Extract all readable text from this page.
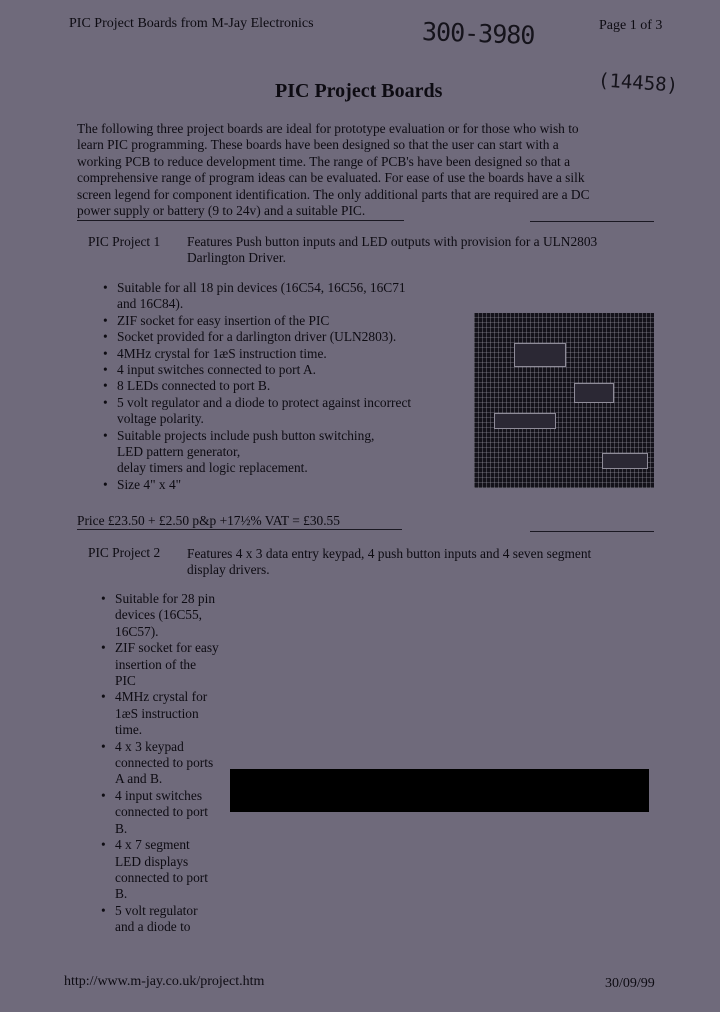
PIC Project Boards from M-Jay Electronics	300-3980	Page 1 of 3
(14458)
PIC Project Boards
The following three project boards are ideal for prototype evaluation or for those who wish to
learn PIC programming. These boards have been designed so that the user can start with a
working PCB to reduce development time. The range of PCB's have been designed so that a
comprehensive range of program ideas can be evaluated. For ease of use the boards have a silk
screen legend for component identification. The only additional parts that are required are a DC
power supply or battery (9 to 24v) and a suitable PIC.
PIC Project 1 Features Push button inputs and LED outputs with provision for a ULN2803
Darlington Driver.
• Suitable for all 18 pin devices (16C54, 16C56, 16C71
and 16C84).
• ZIF socket for easy insertion of the PIC
• Socket provided for a darlington driver (ULN2803).
• 4MHz crystal for 1æS instruction time.
• 4 input switches connected to port A.
• 8 LEDs connected to port B.
• 5 volt regulator and a diode to protect against incorrect
voltage polarity.
• Suitable projects include push button switching,
LED pattern generator,
delay timers and logic replacement.
• Size 4" x 4"
Price £23.50 + £2.50 p&p +17½% VAT = £30.55
PIC Project 2 Features 4 x 3 data entry keypad, 4 push button inputs and 4 seven segment
display drivers.
• Suitable for 28 pin
devices (16C55,
16C57).
• ZIF socket for easy
insertion of the
PIC
• 4MHz crystal for
1æS instruction
time.
• 4 x 3 keypad
connected to ports
A and B.
• 4 input switches
connected to port
B.
• 4 x 7 segment
LED displays
connected to port
B.
• 5 volt regulator
and a diode to
http://www.m-jay.co.uk/project.htm	30/09/99
